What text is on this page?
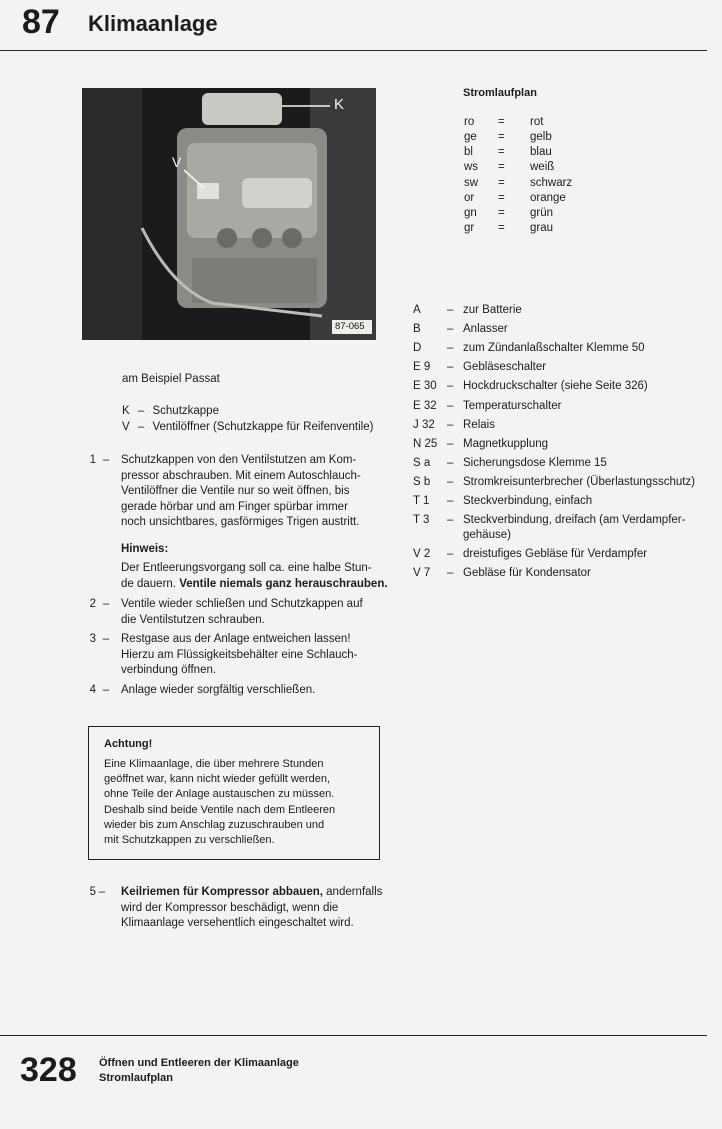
87 Klimaanlage
K
V
87-065
am Beispiel Passat
K – Schutzkappe
V – Ventilöffner (Schutzkappe für Reifenventile)
1 – Schutzkappen von den Ventilstutzen am Kom-
pressor abschrauben. Mit einem Autoschlauch-
Ventilöffner die Ventile nur so weit öffnen, bis
gerade hörbar und am Finger spürbar immer
noch unsichtbares, gasförmiges Trigen austritt.
Hinweis:
Der Entleerungsvorgang soll ca. eine halbe Stun-
de dauern. Ventile niemals ganz herauschrauben.
2 – Ventile wieder schließen und Schutzkappen auf
die Ventilstutzen schrauben.
3 – Restgase aus der Anlage entweichen lassen!
Hierzu am Flüssigkeitsbehälter eine Schlauch-
verbindung öffnen.
4 – Anlage wieder sorgfältig verschließen.
Achtung!
Eine Klimaanlage, die über mehrere Stunden
geöffnet war, kann nicht wieder gefüllt werden,
ohne Teile der Anlage austauschen zu müssen.
Deshalb sind beide Ventile nach dem Entleeren
wieder bis zum Anschlag zuzuschrauben und
mit Schutzkappen zu verschließen.
5 – Keilriemen für Kompressor abbauen, andernfalls
wird der Kompressor beschädigt, wenn die
Klimaanlage versehentlich eingeschaltet wird.
Stromlaufplan
ro = rot
ge = gelb
bl = blau
ws = weiß
sw = schwarz
or = orange
gn = grün
gr = grau
A – zur Batterie
B – Anlasser
D – zum Zündanlaßschalter Klemme 50
E 9 – Gebläseschalter
E 30 – Hockdruckschalter (siehe Seite 326)
E 32 – Temperaturschalter
J 32 – Relais
N 25 – Magnetkupplung
S a – Sicherungsdose Klemme 15
S b – Stromkreisunterbrecher (Überlastungsschutz)
T 1 – Steckverbindung, einfach
T 3 – Steckverbindung, dreifach (am Verdampfer-
gehäuse)
V 2 – dreistufiges Gebläse für Verdampfer
V 7 – Gebläse für Kondensator
328 Öffnen und Entleeren der Klimaanlage
Stromlaufplan
